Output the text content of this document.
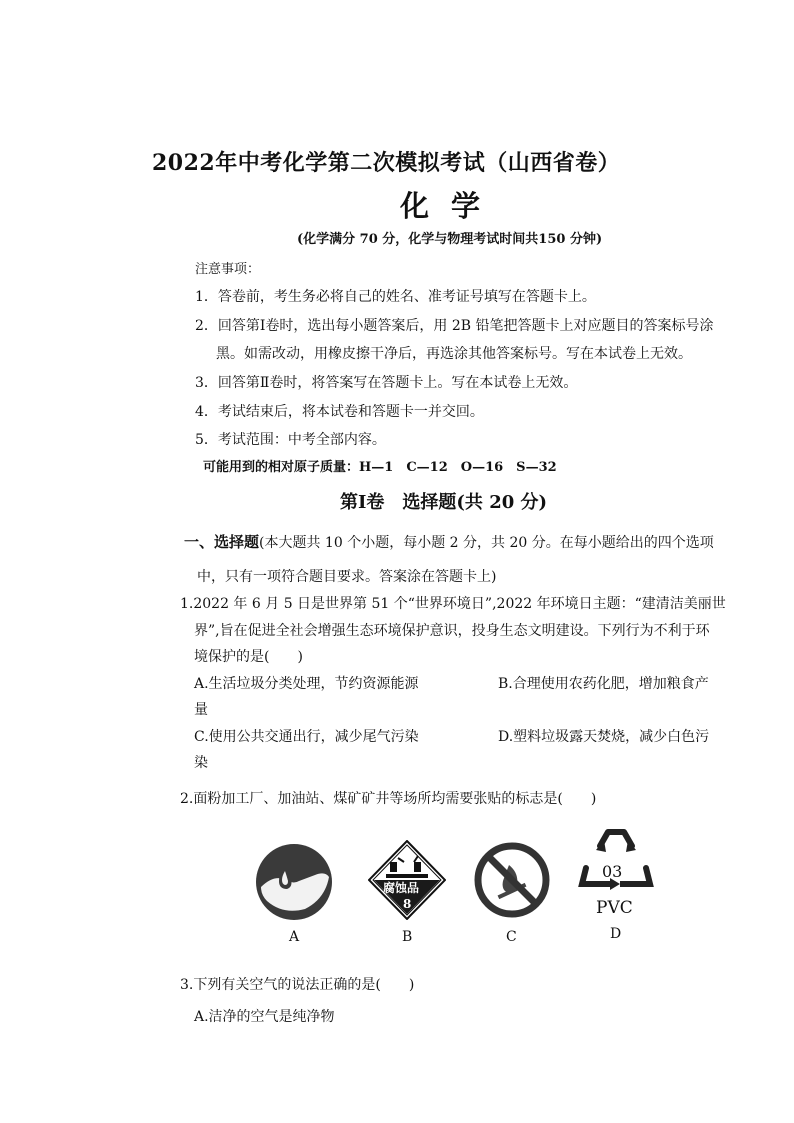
2022年中考化学第二次模拟考试（山西省卷）
化学
(化学满分 70 分，化学与物理考试时间共150 分钟)
注意事项：
1．答卷前，考生务必将自己的姓名、准考证号填写在答题卡上。
2．回答第Ⅰ卷时，选出每小题答案后，用 2B 铅笔把答题卡上对应题目的答案标号涂
黑。如需改动，用橡皮擦干净后，再选涂其他答案标号。写在本试卷上无效。
3．回答第Ⅱ卷时，将答案写在答题卡上。写在本试卷上无效。
4．考试结束后，将本试卷和答题卡一并交回。
5．考试范围：中考全部内容。
可能用到的相对原子质量：H—1　C—12　O—16　S—32
第Ⅰ卷　选择题(共 20 分)
一、选择题(本大题共 10 个小题，每小题 2 分，共 20 分。在每小题给出的四个选项
中，只有一项符合题目要求。答案涂在答题卡上)
1.2022 年 6 月 5 日是世界第 51 个“世界环境日”,2022 年环境日主题：“建清洁美丽世
界”,旨在促进全社会增强生态环境保护意识，投身生态文明建设。下列行为不利于环
境保护的是(　　)
A.生活垃圾分类处理，节约资源能源	B.合理使用农药化肥，增加粮食产
量
C.使用公共交通出行，减少尾气污染	D.塑料垃圾露天焚烧，减少白色污
染
2.面粉加工厂、加油站、煤矿矿井等场所均需要张贴的标志是(　　)
A
腐蚀品
8
B	C
03
PVC
D
3.下列有关空气的说法正确的是(　　)
A.洁净的空气是纯净物
